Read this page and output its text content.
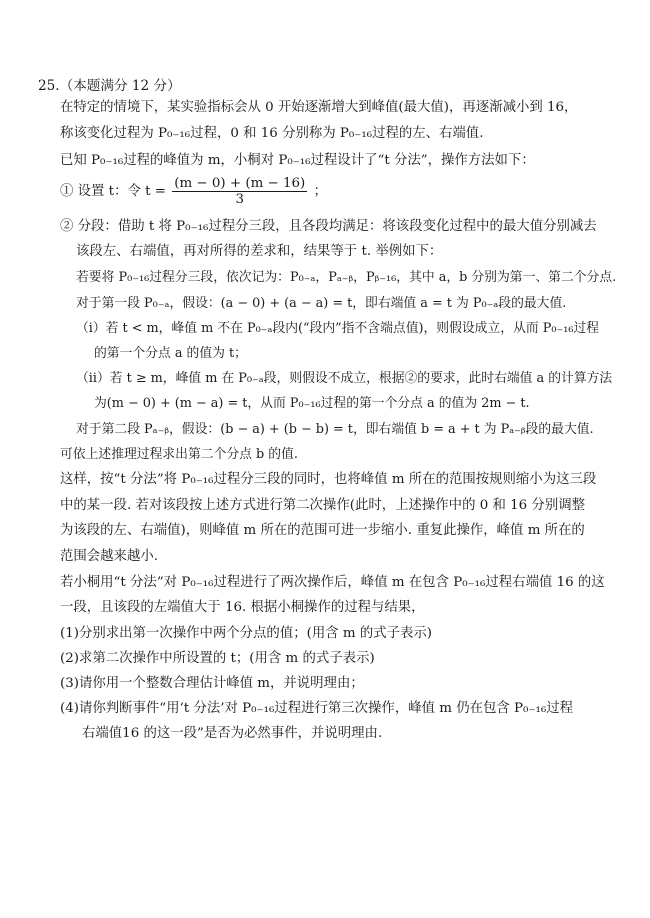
25.（本题满分 12 分）
在特定的情境下，某实验指标会从 0 开始逐渐增大到峰值(最大值)，再逐渐减小到 16，
称该变化过程为 P₀₋₁₆过程，0 和 16 分别称为 P₀₋₁₆过程的左、右端值.
已知 P₀₋₁₆过程的峰值为 m，小桐对 P₀₋₁₆过程设计了“t 分法”，操作方法如下：
① 设置 t：令 $t = \frac{(m - 0) + (m - 16)}{3}$ ；
② 分段：借助 t 将 P₀₋₁₆过程分三段，且各段均满足：将该段变化过程中的最大值分别减去
该段左、右端值，再对所得的差求和，结果等于 t. 举例如下：
若要将 P₀₋₁₆过程分三段，依次记为：P₀₋ₐ，Pₐ₋ᵦ，Pᵦ₋₁₆，其中 a，b 分别为第一、第二个分点.
对于第一段 P₀₋ₐ，假设：(a − 0) + (a − a) = t，即右端值 a = t 为 P₀₋ₐ段的最大值.
（ⅰ）若 t < m，峰值 m 不在 P₀₋ₐ段内(“段内”指不含端点值)，则假设成立，从而 P₀₋₁₆过程
的第一个分点 a 的值为 t；
（ⅱ）若 t ≥ m，峰值 m 在 P₀₋ₐ段，则假设不成立，根据②的要求，此时右端值 a 的计算方法
为(m − 0) + (m − a) = t，从而 P₀₋₁₆过程的第一个分点 a 的值为 2m − t.
对于第二段 Pₐ₋ᵦ，假设：(b − a) + (b − b) = t，即右端值 b = a + t 为 Pₐ₋ᵦ段的最大值.
可依上述推理过程求出第二个分点 b 的值.
这样，按“t 分法”将 P₀₋₁₆过程分三段的同时，也将峰值 m 所在的范围按规则缩小为这三段
中的某一段. 若对该段按上述方式进行第二次操作(此时，上述操作中的 0 和 16 分别调整
为该段的左、右端值)，则峰值 m 所在的范围可进一步缩小. 重复此操作，峰值 m 所在的
范围会越来越小.
若小桐用“t 分法”对 P₀₋₁₆过程进行了两次操作后，峰值 m 在包含 P₀₋₁₆过程右端值 16 的这
一段，且该段的左端值大于 16. 根据小桐操作的过程与结果，
(1)分别求出第一次操作中两个分点的值；(用含 m 的式子表示)
(2)求第二次操作中所设置的 t；(用含 m 的式子表示)
(3)请你用一个整数合理估计峰值 m，并说明理由；
(4)请你判断事件“用‘t 分法’对 P₀₋₁₆过程进行第三次操作，峰值 m 仍在包含 P₀₋₁₆过程
右端值16 的这一段”是否为必然事件，并说明理由.
